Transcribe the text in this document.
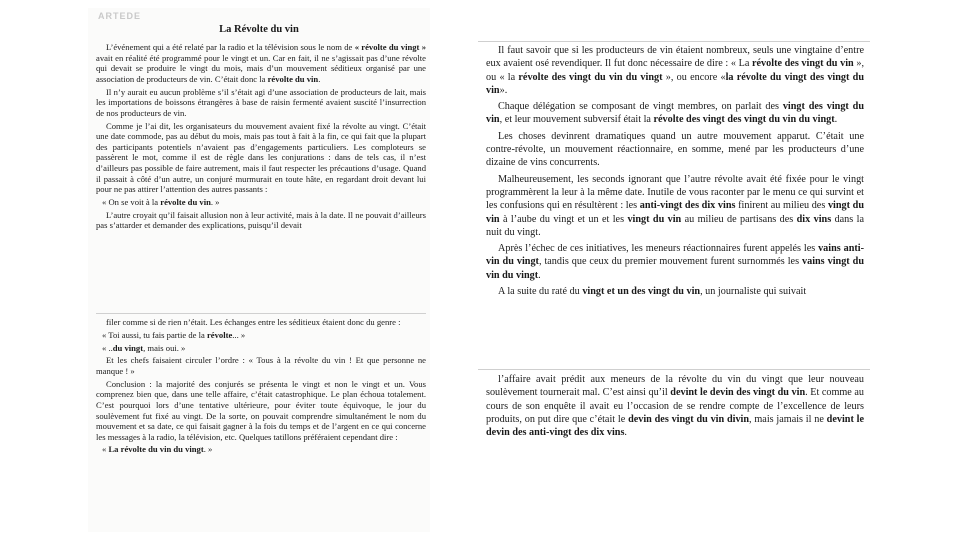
ARTEDE
La Révolte du vin

L’événement qui a été relaté par la radio et la télévision sous le nom de « révolte du vingt » avait en réalité été programmé pour le vingt et un. Car en fait, il ne s’agissait pas d’une révolte qui devait se produire le vingt du mois, mais d’un mouvement séditieux organisé par une association de producteurs de vin. C’était donc la révolte du vin.

Il n’y aurait eu aucun problème s’il s’était agi d’une association de producteurs de lait, mais les importations de boissons étrangères à base de raisin fermenté avaient suscité l’insurrection de nos producteurs de vin.

Comme je l’ai dit, les organisateurs du mouvement avaient fixé la révolte au vingt. C’était une date commode, pas au début du mois, mais pas tout à fait à la fin, ce qui fait que la plupart des participants potentiels n’avaient pas d’engagements particuliers. Les comploteurs se passèrent le mot, comme il est de règle dans les conjurations : dans de tels cas, il n’est d’ailleurs pas possible de faire autrement, mais il faut respecter les précautions d’usage. Quand il passait à côté d’un autre, un conjuré murmurait en toute hâte, en regardant droit devant lui pour ne pas attirer l’attention des autres passants :

« On se voit à la révolte du vin. »

L’autre croyait qu’il faisait allusion non à leur activité, mais à la date. Il ne pouvait d’ailleurs pas s’attarder et demander des explications, puisqu’il devait

filer comme si de rien n’était. Les échanges entre les séditieux étaient donc du genre :

« Toi aussi, tu fais partie de la révolte... »

« ..du vingt, mais oui. »

Et les chefs faisaient circuler l’ordre : « Tous à la révolte du vin ! Et que personne ne manque ! »

Conclusion : la majorité des conjurés se présenta le vingt et non le vingt et un. Vous comprenez bien que, dans une telle affaire, c’était catastrophique. Le plan échoua totalement. C’est pourquoi lors d’une tentative ultérieure, pour éviter toute équivoque, le jour du soulèvement fut fixé au vingt. De la sorte, on pouvait comprendre simultanément le nom du mouvement et sa date, ce qui faisait gagner à la fois du temps et de l’argent en ce qui concerne les messages à la radio, la télévision, etc. Quelques tatillons préféraient cependant dire :

« La révolte du vin du vingt. »

Il faut savoir que si les producteurs de vin étaient nombreux, seuls une vingtaine d’entre eux avaient osé revendiquer. Il fut donc nécessaire de dire : « La révolte des vingt du vin », ou « la révolte des vingt du vin du vingt », ou encore «la révolte du vingt des vingt du vin».

Chaque délégation se composant de vingt membres, on parlait des vingt des vingt du vin, et leur mouvement subversif était la révolte des vingt des vingt du vin du vingt.

Les choses devinrent dramatiques quand un autre mouvement apparut. C’était une contre-révolte, un mouvement réactionnaire, en somme, mené par les producteurs d’une dizaine de vins concurrents.

Malheureusement, les seconds ignorant que l’autre révolte avait été fixée pour le vingt programmèrent la leur à la même date. Inutile de vous raconter par le menu ce qui survint et les confusions qui en résultèrent : les anti-vingt des dix vins finirent au milieu des vingt du vin à l’aube du vingt et un et les vingt du vin au milieu de partisans des dix vins dans la nuit du vingt.

Après l’échec de ces initiatives, les meneurs réactionnaires furent appelés les vains anti-vin du vingt, tandis que ceux du premier mouvement furent surnommés les vains vingt du vin du vingt.

A la suite du raté du vingt et un des vingt du vin, un journaliste qui suivait

l’affaire avait prédit aux meneurs de la révolte du vin du vingt que leur nouveau soulèvement tournerait mal. C’est ainsi qu’il devint le devin des vingt du vin. Et comme au cours de son enquête il avait eu l’occasion de se rendre compte de l’excellence de leurs produits, on put dire que c’était le devin des vingt du vin divin, mais jamais il ne devint le devin des anti-vingt des dix vins.
